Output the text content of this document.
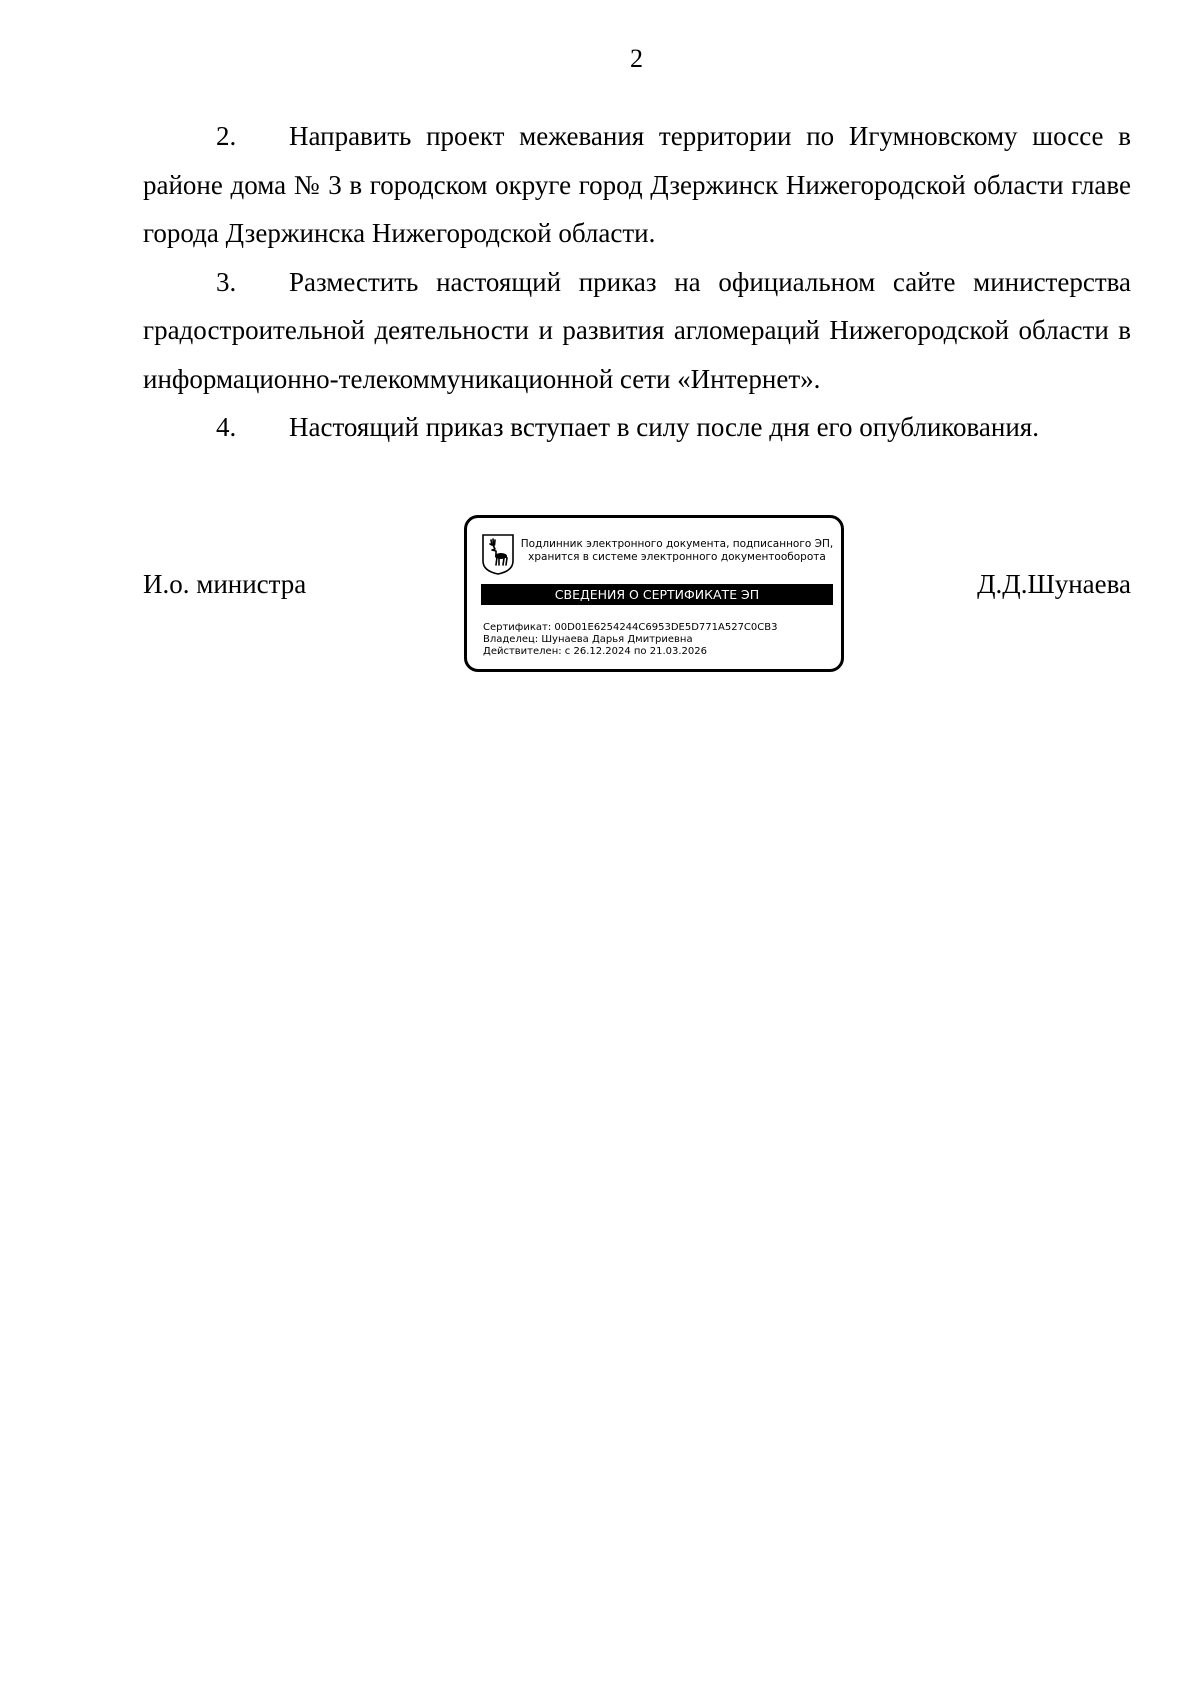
2

2. Направить проект межевания территории по Игумновскому шоссе в районе дома № 3 в городском округе город Дзержинск Нижегородской области главе города Дзержинска Нижегородской области.

3. Разместить настоящий приказ на официальном сайте министерства градостроительной деятельности и развития агломераций Нижегородской области в информационно-телекоммуникационной сети «Интернет».

4. Настоящий приказ вступает в силу после дня его опубликования.

И.о. министра
Подлинник электронного документа, подписанного ЭП,
хранится в системе электронного документооборота
СВЕДЕНИЯ О СЕРТИФИКАТЕ ЭП
Сертификат: 00D01E6254244C6953DE5D771A527C0CB3
Владелец: Шунаева Дарья Дмитриевна
Действителен: с 26.12.2024 по 21.03.2026
Д.Д.Шунаева
